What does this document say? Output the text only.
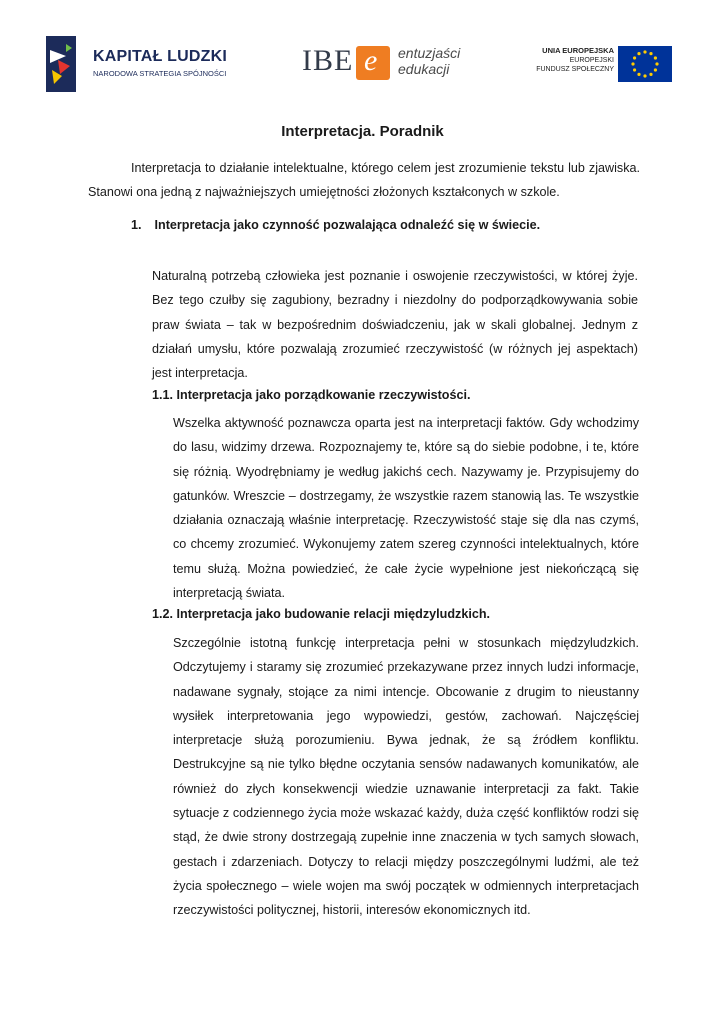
KAPITAŁ LUDZKI
NARODOWA STRATEGIA SPÓJNOŚCI	IBE e entuzjaści
edukacji
UNIA EUROPEJSKA
EUROPEJSKI
FUNDUSZ SPOŁECZNY
Interpretacja. Poradnik

Interpretacja to działanie intelektualne, którego celem jest zrozumienie tekstu lub zjawiska. Stanowi ona jedną z najważniejszych umiejętności złożonych kształconych w szkole.

1. Interpretacja jako czynność pozwalająca odnaleźć się w świecie.

Naturalną potrzebą człowieka jest poznanie i oswojenie rzeczywistości, w której żyje. Bez tego czułby się zagubiony, bezradny i niezdolny do podporządkowywania sobie praw świata – tak w bezpośrednim doświadczeniu, jak w skali globalnej. Jednym z działań umysłu, które pozwalają zrozumieć rzeczywistość (w różnych jej aspektach) jest interpretacja.

1.1. Interpretacja jako porządkowanie rzeczywistości.

Wszelka aktywność poznawcza oparta jest na interpretacji faktów. Gdy wchodzimy do lasu, widzimy drzewa. Rozpoznajemy te, które są do siebie podobne, i te, które się różnią. Wyodrębniamy je według jakichś cech. Nazywamy je. Przypisujemy do gatunków. Wreszcie – dostrzegamy, że wszystkie razem stanowią las. Te wszystkie działania oznaczają właśnie interpretację. Rzeczywistość staje się dla nas czymś, co chcemy zrozumieć. Wykonujemy zatem szereg czynności intelektualnych, które temu służą. Można powiedzieć, że całe życie wypełnione jest niekończącą się interpretacją świata.

1.2. Interpretacja jako budowanie relacji międzyludzkich.

Szczególnie istotną funkcję interpretacja pełni w stosunkach międzyludzkich. Odczytujemy i staramy się zrozumieć przekazywane przez innych ludzi informacje, nadawane sygnały, stojące za nimi intencje. Obcowanie z drugim to nieustanny wysiłek interpretowania jego wypowiedzi, gestów, zachowań. Najczęściej interpretacje służą porozumieniu. Bywa jednak, że są źródłem konfliktu. Destrukcyjne są nie tylko błędne oczytania sensów nadawanych komunikatów, ale również do złych konsekwencji wiedzie uznawanie interpretacji za fakt. Takie sytuacje z codziennego życia może wskazać każdy, duża część konfliktów rodzi się stąd, że dwie strony dostrzegają zupełnie inne znaczenia w tych samych słowach, gestach i zdarzeniach. Dotyczy to relacji między poszczególnymi ludźmi, ale też życia społecznego – wiele wojen ma swój początek w odmiennych interpretacjach rzeczywistości politycznej, historii, interesów ekonomicznych itd.
